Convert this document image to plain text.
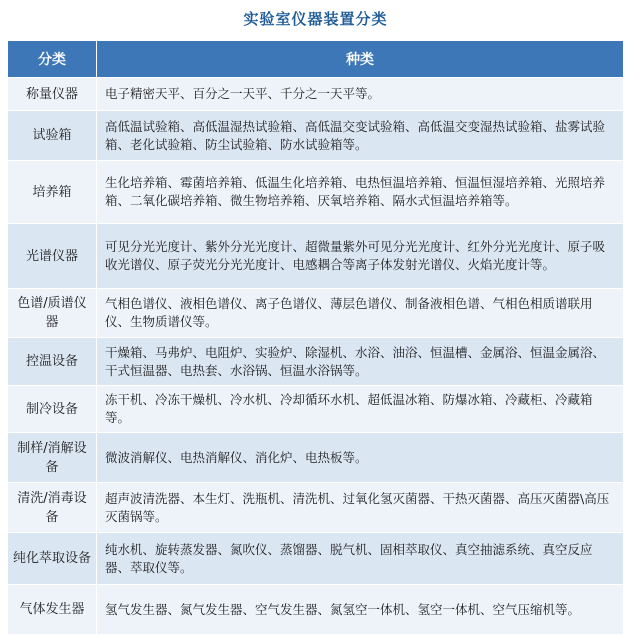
实验室仪器装置分类
分类	种类
称量仪器	电子精密天平、百分之一天平、千分之一天平等。
试验箱	高低温试验箱、高低温湿热试验箱、高低温交变试验箱、高低温交变湿热试验箱、盐雾试验箱、老化试验箱、防尘试验箱、防水试验箱等。
培养箱	生化培养箱、霉菌培养箱、低温生化培养箱、电热恒温培养箱、恒温恒湿培养箱、光照培养箱、二氧化碳培养箱、微生物培养箱、厌氧培养箱、隔水式恒温培养箱等。
光谱仪器	可见分光光度计、紫外分光光度计、超微量紫外可见分光光度计、红外分光光度计、原子吸收光谱仪、原子荧光分光光度计、电感耦合等离子体发射光谱仪、火焰光度计等。
色谱/质谱仪器	气相色谱仪、液相色谱仪、离子色谱仪、薄层色谱仪、制备液相色谱、气相色相质谱联用仪、生物质谱仪等。
控温设备	干燥箱、马弗炉、电阻炉、实验炉、除湿机、水浴、油浴、恒温槽、金属浴、恒温金属浴、干式恒温器、电热套、水浴锅、恒温水浴锅等。
制冷设备	冻干机、冷冻干燥机、冷水机、冷却循环水机、超低温冰箱、防爆冰箱、冷藏柜、冷藏箱等。
制样/消解设备	微波消解仪、电热消解仪、消化炉、电热板等。
清洗/消毒设备	超声波清洗器、本生灯、洗瓶机、清洗机、过氧化氢灭菌器、干热灭菌器、高压灭菌器\高压灭菌锅等。
纯化萃取设备	纯水机、旋转蒸发器、氮吹仪、蒸馏器、脱气机、固相萃取仪、真空抽滤系统、真空反应器、萃取仪等。
气体发生器	氢气发生器、氮气发生器、空气发生器、氮氢空一体机、氢空一体机、空气压缩机等。
